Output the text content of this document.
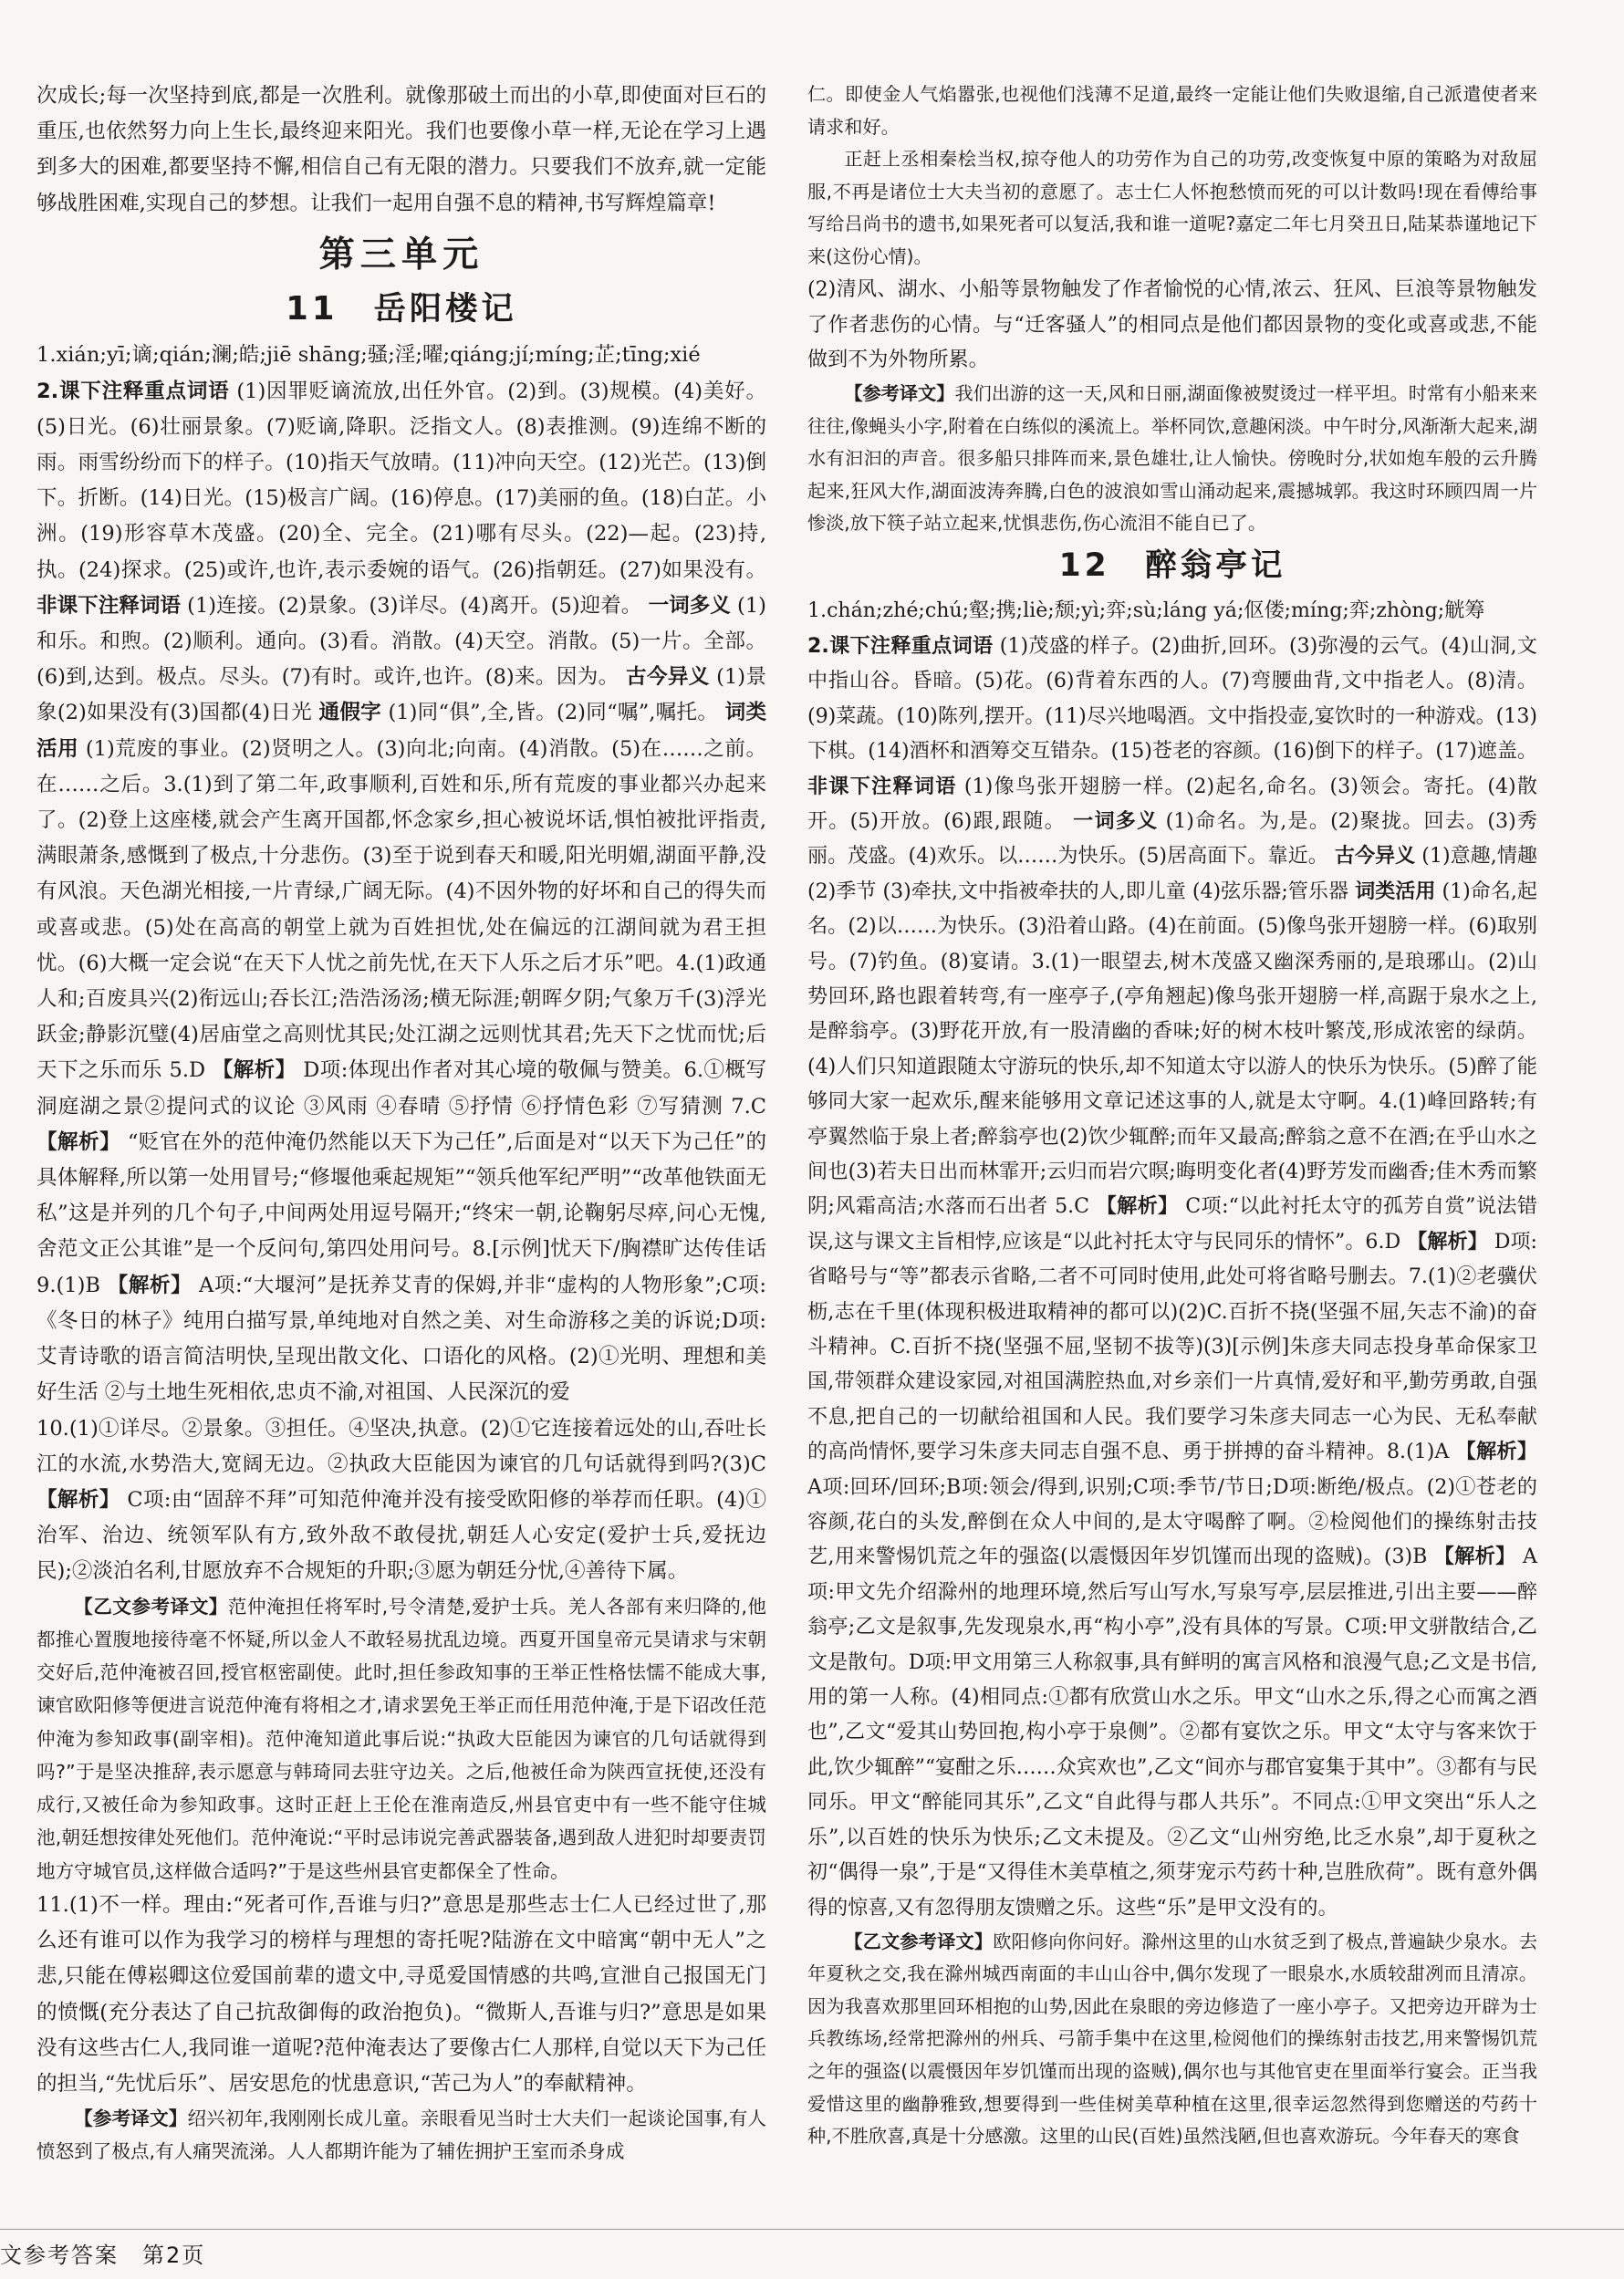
次成长;每一次坚持到底,都是一次胜利。就像那破土而出的小草,即使面对巨石的重压,也依然努力向上生长,最终迎来阳光。我们也要像小草一样,无论在学习上遇到多大的困难,都要坚持不懈,相信自己有无限的潜力。只要我们不放弃,就一定能够战胜困难,实现自己的梦想。让我们一起用自强不息的精神,书写辉煌篇章!

第三单元
11　岳阳楼记

1.xián;yī;谪;qián;澜;皓;jiē shāng;骚;淫;曜;qiáng;jí;míng;芷;tīng;xié

2.课下注释重点词语 (1)因罪贬谪流放,出任外官。(2)到。(3)规模。(4)美好。(5)日光。(6)壮丽景象。(7)贬谪,降职。泛指文人。(8)表推测。(9)连绵不断的雨。雨雪纷纷而下的样子。(10)指天气放晴。(11)冲向天空。(12)光芒。(13)倒下。折断。(14)日光。(15)极言广阔。(16)停息。(17)美丽的鱼。(18)白芷。小洲。(19)形容草木茂盛。(20)全、完全。(21)哪有尽头。(22)—起。(23)持,执。(24)探求。(25)或许,也许,表示委婉的语气。(26)指朝廷。(27)如果没有。 非课下注释词语 (1)连接。(2)景象。(3)详尽。(4)离开。(5)迎着。 一词多义 (1)和乐。和煦。(2)顺利。通向。(3)看。消散。(4)天空。消散。(5)一片。全部。(6)到,达到。极点。尽头。(7)有时。或许,也许。(8)来。因为。 古今异义 (1)景象(2)如果没有(3)国都(4)日光 通假字 (1)同“俱”,全,皆。(2)同“嘱”,嘱托。 词类活用 (1)荒废的事业。(2)贤明之人。(3)向北;向南。(4)消散。(5)在……之前。在……之后。3.(1)到了第二年,政事顺利,百姓和乐,所有荒废的事业都兴办起来了。(2)登上这座楼,就会产生离开国都,怀念家乡,担心被说坏话,惧怕被批评指责,满眼萧条,感慨到了极点,十分悲伤。(3)至于说到春天和暖,阳光明媚,湖面平静,没有风浪。天色湖光相接,一片青绿,广阔无际。(4)不因外物的好坏和自己的得失而或喜或悲。(5)处在高高的朝堂上就为百姓担忧,处在偏远的江湖间就为君王担忧。(6)大概一定会说“在天下人忧之前先忧,在天下人乐之后才乐”吧。4.(1)政通人和;百废具兴(2)衔远山;吞长江;浩浩汤汤;横无际涯;朝晖夕阴;气象万千(3)浮光跃金;静影沉璧(4)居庙堂之高则忧其民;处江湖之远则忧其君;先天下之忧而忧;后天下之乐而乐 5.D 【解析】 D项:体现出作者对其心境的敬佩与赞美。6.①概写洞庭湖之景②提问式的议论 ③风雨 ④春晴 ⑤抒情 ⑥抒情色彩 ⑦写猜测 7.C 【解析】 “贬官在外的范仲淹仍然能以天下为己任”,后面是对“以天下为己任”的具体解释,所以第一处用冒号;“修堰他乘起规矩”“领兵他军纪严明”“改革他铁面无私”这是并列的几个句子,中间两处用逗号隔开;“终宋一朝,论鞠躬尽瘁,问心无愧,舍范文正公其谁”是一个反问句,第四处用问号。8.[示例]忧天下/胸襟旷达传佳话 9.(1)B 【解析】 A项:“大堰河”是抚养艾青的保姆,并非“虚构的人物形象”;C项:《冬日的林子》纯用白描写景,单纯地对自然之美、对生命游移之美的诉说;D项:艾青诗歌的语言简洁明快,呈现出散文化、口语化的风格。(2)①光明、理想和美好生活 ②与土地生死相依,忠贞不渝,对祖国、人民深沉的爱

10.(1)①详尽。②景象。③担任。④坚决,执意。(2)①它连接着远处的山,吞吐长江的水流,水势浩大,宽阔无边。②执政大臣能因为谏官的几句话就得到吗?(3)C 【解析】 C项:由“固辞不拜”可知范仲淹并没有接受欧阳修的举荐而任职。(4)①治军、治边、统领军队有方,致外敌不敢侵扰,朝廷人心安定(爱护士兵,爱抚边民);②淡泊名利,甘愿放弃不合规矩的升职;③愿为朝廷分忧,④善待下属。

【乙文参考译文】范仲淹担任将军时,号令清楚,爱护士兵。羌人各部有来归降的,他都推心置腹地接待毫不怀疑,所以金人不敢轻易扰乱边境。西夏开国皇帝元昊请求与宋朝交好后,范仲淹被召回,授官枢密副使。此时,担任参政知事的王举正性格怯懦不能成大事,谏官欧阳修等便进言说范仲淹有将相之才,请求罢免王举正而任用范仲淹,于是下诏改任范仲淹为参知政事(副宰相)。范仲淹知道此事后说:“执政大臣能因为谏官的几句话就得到吗?”于是坚决推辞,表示愿意与韩琦同去驻守边关。之后,他被任命为陕西宣抚使,还没有成行,又被任命为参知政事。这时正赶上王伦在淮南造反,州县官吏中有一些不能守住城池,朝廷想按律处死他们。范仲淹说:“平时忌讳说完善武器装备,遇到敌人进犯时却要责罚地方守城官员,这样做合适吗?”于是这些州县官吏都保全了性命。

11.(1)不一样。理由:“死者可作,吾谁与归?”意思是那些志士仁人已经过世了,那么还有谁可以作为我学习的榜样与理想的寄托呢?陆游在文中暗寓“朝中无人”之悲,只能在傅崧卿这位爱国前辈的遗文中,寻觅爱国情感的共鸣,宣泄自己报国无门的愤慨(充分表达了自己抗敌御侮的政治抱负)。“微斯人,吾谁与归?”意思是如果没有这些古仁人,我同谁一道呢?范仲淹表达了要像古仁人那样,自觉以天下为己任的担当,“先忧后乐”、居安思危的忧患意识,“苦己为人”的奉献精神。

【参考译文】绍兴初年,我刚刚长成儿童。亲眼看见当时士大夫们一起谈论国事,有人愤怒到了极点,有人痛哭流涕。人人都期许能为了辅佐拥护王室而杀身成

仁。即使金人气焰嚣张,也视他们浅薄不足道,最终一定能让他们失败退缩,自己派遣使者来请求和好。

正赶上丞相秦桧当权,掠夺他人的功劳作为自己的功劳,改变恢复中原的策略为对敌屈服,不再是诸位士大夫当初的意愿了。志士仁人怀抱愁愤而死的可以计数吗!现在看傅给事写给吕尚书的遗书,如果死者可以复活,我和谁一道呢?嘉定二年七月癸丑日,陆某恭谨地记下来(这份心情)。

(2)清风、湖水、小船等景物触发了作者愉悦的心情,浓云、狂风、巨浪等景物触发了作者悲伤的心情。与“迁客骚人”的相同点是他们都因景物的变化或喜或悲,不能做到不为外物所累。

【参考译文】我们出游的这一天,风和日丽,湖面像被熨烫过一样平坦。时常有小船来来往往,像蝇头小字,附着在白练似的溪流上。举杯同饮,意趣闲淡。中午时分,风渐渐大起来,湖水有汩汩的声音。很多船只排阵而来,景色雄壮,让人愉快。傍晚时分,状如炮车般的云升腾起来,狂风大作,湖面波涛奔腾,白色的波浪如雪山涌动起来,震撼城郭。我这时环顾四周一片惨淡,放下筷子站立起来,忧惧悲伤,伤心流泪不能自已了。

12　醉翁亭记

1.chán;zhé;chú;壑;携;liè;颓;yì;弈;sù;láng yá;伛偻;míng;弈;zhòng;觥筹

2.课下注释重点词语 (1)茂盛的样子。(2)曲折,回环。(3)弥漫的云气。(4)山洞,文中指山谷。昏暗。(5)花。(6)背着东西的人。(7)弯腰曲背,文中指老人。(8)清。(9)菜蔬。(10)陈列,摆开。(11)尽兴地喝酒。文中指投壶,宴饮时的一种游戏。(13)下棋。(14)酒杯和酒筹交互错杂。(15)苍老的容颜。(16)倒下的样子。(17)遮盖。 非课下注释词语 (1)像鸟张开翅膀一样。(2)起名,命名。(3)领会。寄托。(4)散开。(5)开放。(6)跟,跟随。 一词多义 (1)命名。为,是。(2)聚拢。回去。(3)秀丽。茂盛。(4)欢乐。以……为快乐。(5)居高面下。靠近。 古今异义 (1)意趣,情趣 (2)季节 (3)牵扶,文中指被牵扶的人,即儿童 (4)弦乐器;管乐器 词类活用 (1)命名,起名。(2)以……为快乐。(3)沿着山路。(4)在前面。(5)像鸟张开翅膀一样。(6)取别号。(7)钓鱼。(8)宴请。3.(1)一眼望去,树木茂盛又幽深秀丽的,是琅琊山。(2)山势回环,路也跟着转弯,有一座亭子,(亭角翘起)像鸟张开翅膀一样,高踞于泉水之上,是醉翁亭。(3)野花开放,有一股清幽的香味;好的树木枝叶繁茂,形成浓密的绿荫。(4)人们只知道跟随太守游玩的快乐,却不知道太守以游人的快乐为快乐。(5)醉了能够同大家一起欢乐,醒来能够用文章记述这事的人,就是太守啊。4.(1)峰回路转;有亭翼然临于泉上者;醉翁亭也(2)饮少辄醉;而年又最高;醉翁之意不在酒;在乎山水之间也(3)若夫日出而林霏开;云归而岩穴暝;晦明变化者(4)野芳发而幽香;佳木秀而繁阴;风霜高洁;水落而石出者 5.C 【解析】 C项:“以此衬托太守的孤芳自赏”说法错误,这与课文主旨相悖,应该是“以此衬托太守与民同乐的情怀”。6.D 【解析】 D项:省略号与“等”都表示省略,二者不可同时使用,此处可将省略号删去。7.(1)②老骥伏枥,志在千里(体现积极进取精神的都可以)(2)C.百折不挠(坚强不屈,矢志不渝)的奋斗精神。C.百折不挠(坚强不屈,坚韧不拔等)(3)[示例]朱彦夫同志投身革命保家卫国,带领群众建设家园,对祖国满腔热血,对乡亲们一片真情,爱好和平,勤劳勇敢,自强不息,把自己的一切献给祖国和人民。我们要学习朱彦夫同志一心为民、无私奉献的高尚情怀,要学习朱彦夫同志自强不息、勇于拼搏的奋斗精神。8.(1)A 【解析】 A项:回环/回环;B项:领会/得到,识别;C项:季节/节日;D项:断绝/极点。(2)①苍老的容颜,花白的头发,醉倒在众人中间的,是太守喝醉了啊。②检阅他们的操练射击技艺,用来警惕饥荒之年的强盗(以震慑因年岁饥馑而出现的盗贼)。(3)B 【解析】 A项:甲文先介绍滁州的地理环境,然后写山写水,写泉写亭,层层推进,引出主要——醉翁亭;乙文是叙事,先发现泉水,再“构小亭”,没有具体的写景。C项:甲文骈散结合,乙文是散句。D项:甲文用第三人称叙事,具有鲜明的寓言风格和浪漫气息;乙文是书信,用的第一人称。(4)相同点:①都有欣赏山水之乐。甲文“山水之乐,得之心而寓之酒也”,乙文“爱其山势回抱,构小亭于泉侧”。②都有宴饮之乐。甲文“太守与客来饮于此,饮少辄醉”“宴酣之乐……众宾欢也”,乙文“间亦与郡官宴集于其中”。③都有与民同乐。甲文“醉能同其乐”,乙文“自此得与郡人共乐”。不同点:①甲文突出“乐人之乐”,以百姓的快乐为快乐;乙文未提及。②乙文“山州穷绝,比乏水泉”,却于夏秋之初“偶得一泉”,于是“又得佳木美草植之,须芽宠示芍药十种,岂胜欣荷”。既有意外偶得的惊喜,又有忽得朋友馈赠之乐。这些“乐”是甲文没有的。

【乙文参考译文】欧阳修向你问好。滁州这里的山水贫乏到了极点,普遍缺少泉水。去年夏秋之交,我在滁州城西南面的丰山山谷中,偶尔发现了一眼泉水,水质较甜冽而且清凉。因为我喜欢那里回环相抱的山势,因此在泉眼的旁边修造了一座小亭子。又把旁边开辟为士兵教练场,经常把滁州的州兵、弓箭手集中在这里,检阅他们的操练射击技艺,用来警惕饥荒之年的强盗(以震慑因年岁饥馑而出现的盗贼),偶尔也与其他官吏在里面举行宴会。正当我爱惜这里的幽静雅致,想要得到一些佳树美草种植在这里,很幸运忽然得到您赠送的芍药十种,不胜欣喜,真是十分感激。这里的山民(百姓)虽然浅陋,但也喜欢游玩。今年春天的寒食

文参考答案　第2页
